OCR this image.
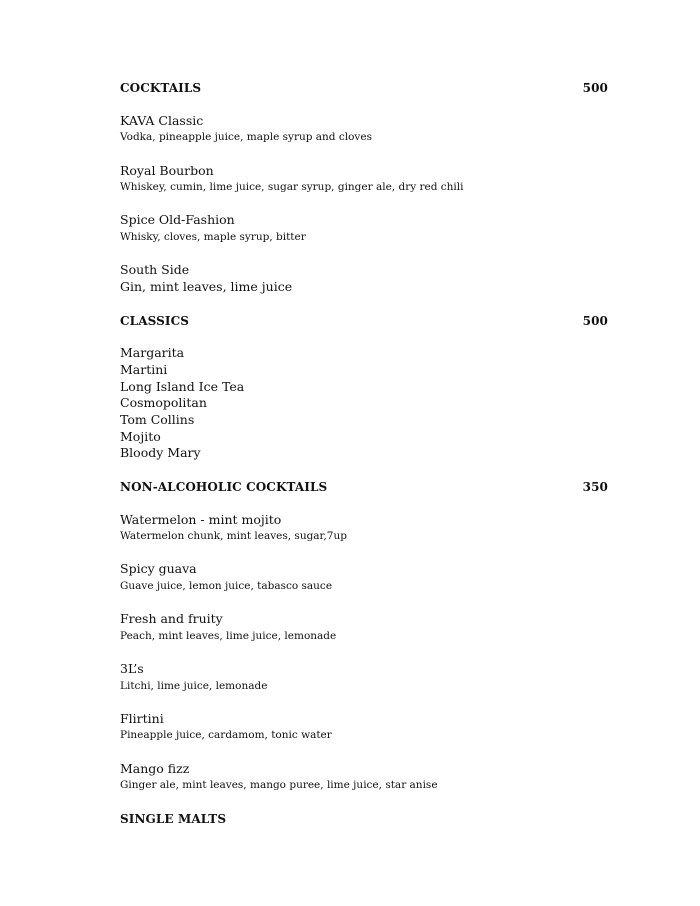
COCKTAILS	500
KAVA Classic
Vodka, pineapple juice, maple syrup and cloves
Royal Bourbon
Whiskey, cumin, lime juice, sugar syrup, ginger ale, dry red chili
Spice Old-Fashion
Whisky, cloves, maple syrup, bitter
South Side
Gin, mint leaves, lime juice
CLASSICS	500
Margarita
Martini
Long Island Ice Tea
Cosmopolitan
Tom Collins
Mojito
Bloody Mary
NON-ALCOHOLIC COCKTAILS	350
Watermelon - mint mojito
Watermelon chunk, mint leaves, sugar,7up
Spicy guava
Guave juice, lemon juice, tabasco sauce
Fresh and fruity
Peach, mint leaves, lime juice, lemonade
3L’s
Litchi, lime juice, lemonade
Flirtini
Pineapple juice, cardamom, tonic water
Mango fizz
Ginger ale, mint leaves, mango puree, lime juice, star anise
SINGLE MALTS
